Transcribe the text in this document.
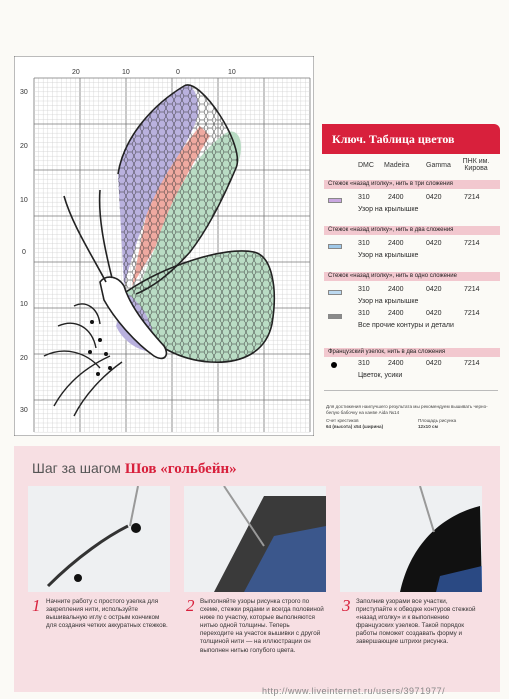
20	10	0	10
30
20
10
0
10
20
30
Ключ. Таблица цветов
DMC Madeira Gamma
ПНК им. Кирова
Стежок «назад иголку», нить в три сложения
310	2400	0420	7214
Узор на крылышке
Стежок «назад иголку», нить в два сложения
310	2400	0420	7214
Узор на крылышке
Стежок «назад иголку», нить в одно сложение
310	2400	0420	7214
Узор на крылышке
310	2400	0420	7214
Все прочие контуры и детали
Французский узелок, нить в два сложения
310	2400	0420	7214
Цветок, усики
Для достижения наилучшего результата мы рекомендуем вышивать черно-белую бабочку на канве Aida №14
Счет крестиков
64 (высота) x54 (ширина)
Площадь рисунка
12x10 см
Шаг за шагом Шов «гольбейн»
1 Начните работу с простого узелка для закрепления нити, используйте вышивальную иглу с острым кончиком для создания четких аккуратных стежков.
2 Выполняйте узоры рисунка строго по схеме, стежки рядами и всегда половиной ниже по участку, которые выполняются нитью одной толщины. Теперь переходите на участок вышивки с другой толщиной нити — на иллюстрации он выполнен нитью голубого цвета.
3 Заполнив узорами все участки, приступайте к обводке контуров стежкой «назад иголку» и к выполнению французских узелков. Такой порядок работы поможет создавать форму и завершающие штрихи рисунка.
http://www.liveinternet.ru/users/3971977/
